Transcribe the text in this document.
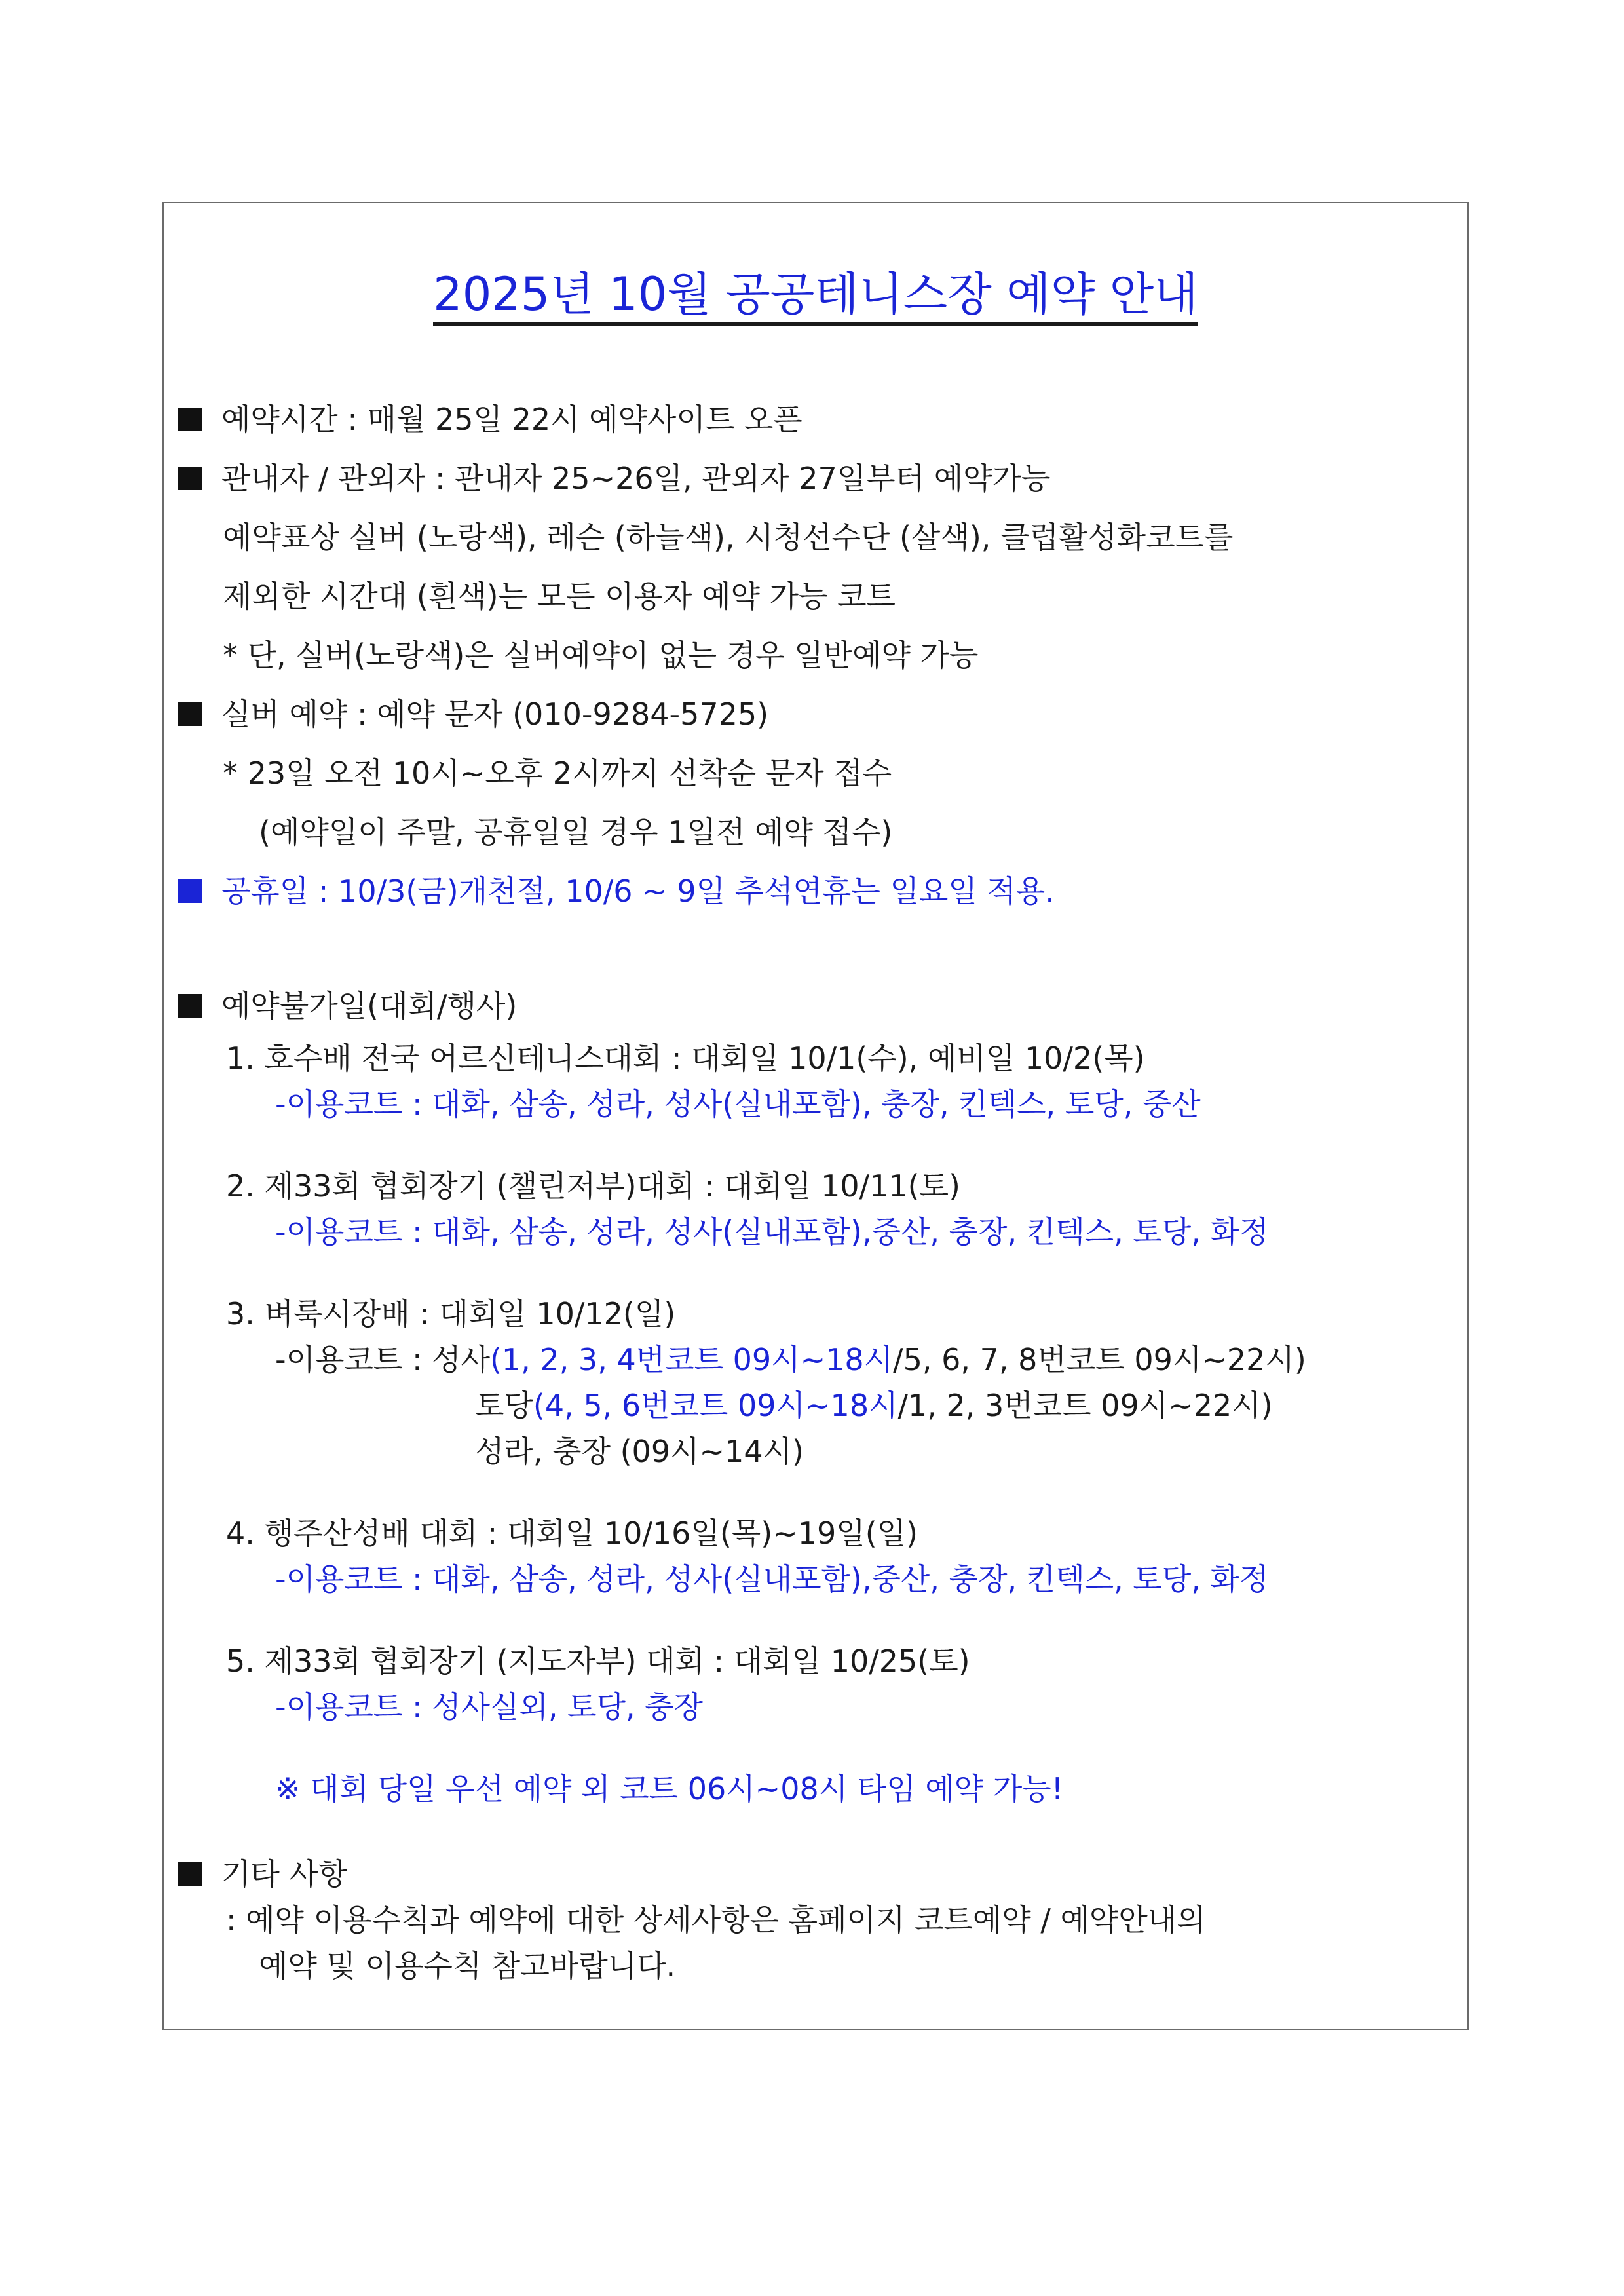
2025년 10월 공공테니스장 예약 안내
예약시간 : 매월 25일 22시 예약사이트 오픈
관내자 / 관외자 : 관내자 25~26일, 관외자 27일부터 예약가능
예약표상 실버 (노랑색), 레슨 (하늘색), 시청선수단 (살색), 클럽활성화코트를
제외한 시간대 (흰색)는 모든 이용자 예약 가능 코트
* 단, 실버(노랑색)은 실버예약이 없는 경우 일반예약 가능
실버 예약 : 예약 문자 (010-9284-5725)
* 23일 오전 10시~오후 2시까지 선착순 문자 접수
(예약일이 주말, 공휴일일 경우 1일전 예약 접수)
공휴일 : 10/3(금)개천절, 10/6 ~ 9일 추석연휴는 일요일 적용.
예약불가일(대회/행사)
1. 호수배 전국 어르신테니스대회 : 대회일 10/1(수), 예비일 10/2(목)
-이용코트 : 대화, 삼송, 성라, 성사(실내포함), 충장, 킨텍스, 토당, 중산
2. 제33회 협회장기 (챌린저부)대회 : 대회일 10/11(토)
-이용코트 : 대화, 삼송, 성라, 성사(실내포함),중산, 충장, 킨텍스, 토당, 화정
3. 벼룩시장배 : 대회일 10/12(일)
-이용코트 : 성사(1, 2, 3, 4번코트 09시~18시/5, 6, 7, 8번코트 09시~22시)
토당(4, 5, 6번코트 09시~18시/1, 2, 3번코트 09시~22시)
성라, 충장 (09시~14시)
4. 행주산성배 대회 : 대회일 10/16일(목)~19일(일)
-이용코트 : 대화, 삼송, 성라, 성사(실내포함),중산, 충장, 킨텍스, 토당, 화정
5. 제33회 협회장기 (지도자부) 대회 : 대회일 10/25(토)
-이용코트 : 성사실외, 토당, 충장
※ 대회 당일 우선 예약 외 코트 06시~08시 타임 예약 가능!
기타 사항
: 예약 이용수칙과 예약에 대한 상세사항은 홈페이지 코트예약 / 예약안내의
예약 및 이용수칙 참고바랍니다.
